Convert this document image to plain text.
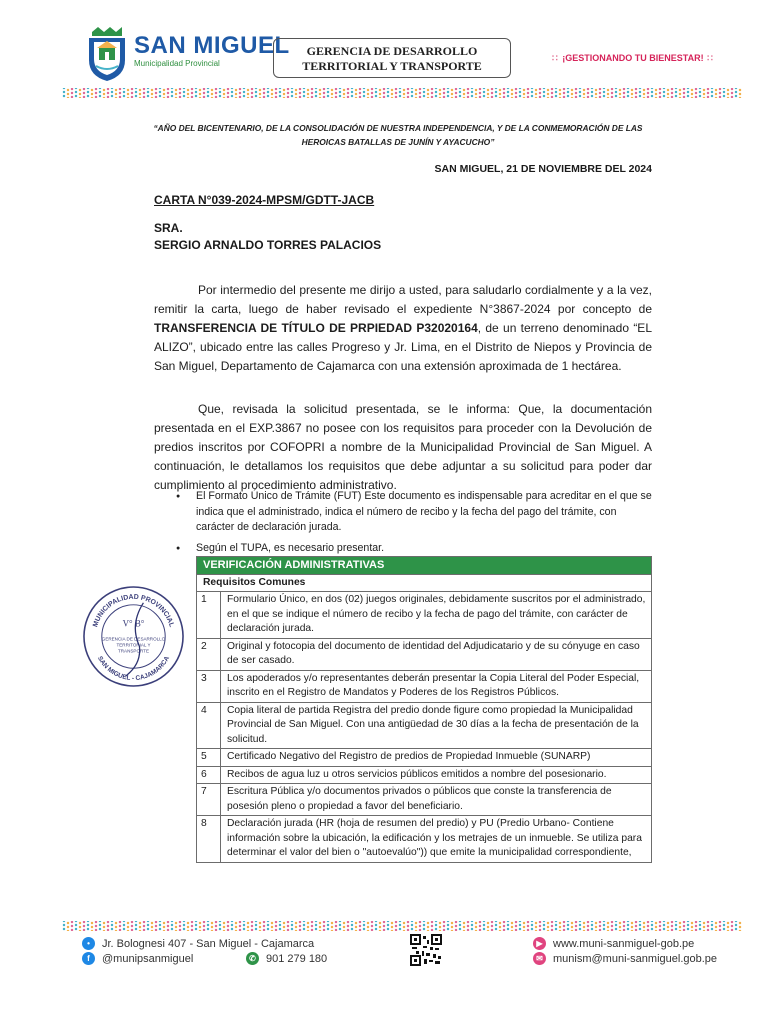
SAN MIGUEL
Municipalidad Provincial
GERENCIA DE DESARROLLO
TERRITORIAL Y TRANSPORTE
∷ ¡GESTIONANDO TU BIENESTAR! ∷
“AÑO DEL BICENTENARIO, DE LA CONSOLIDACIÓN DE NUESTRA INDEPENDENCIA, Y DE LA CONMEMORACIÓN DE LAS
HEROICAS BATALLAS DE JUNÍN Y AYACUCHO”
SAN MIGUEL, 21 DE NOVIEMBRE DEL 2024
CARTA N°039-2024-MPSM/GDTT-JACB
SRA.
SERGIO ARNALDO TORRES PALACIOS
Por intermedio del presente me dirijo a usted, para saludarlo cordialmente y a la vez, remitir la carta, luego de haber revisado el expediente N°3867-2024 por concepto de TRANSFERENCIA DE TÍTULO DE PRPIEDAD P32020164, de un terreno denominado “EL ALIZO”, ubicado entre las calles Progreso y Jr. Lima, en el Distrito de Niepos y Provincia de San Miguel, Departamento de Cajamarca con una extensión aproximada de 1 hectárea.
Que, revisada la solicitud presentada, se le informa: Que, la documentación presentada en el EXP.3867 no posee con los requisitos para proceder con la Devolución de predios inscritos por COFOPRI a nombre de la Municipalidad Provincial de San Miguel. A continuación, le detallamos los requisitos que debe adjuntar a su solicitud para poder dar cumplimiento al procedimiento administrativo.
● El Formato Único de Trámite (FUT) Este documento es indispensable para acreditar en el que se indica que el administrado, indica el número de recibo y la fecha del pago del trámite, con carácter de declaración jurada.
● Según el TUPA, es necesario presentar.
VERIFICACIÓN ADMINISTRATIVAS	
Requisitos Comunes	
1	Formulario Único, en dos (02) juegos originales, debidamente suscritos por el administrado, en el que se indique el número de recibo y la fecha de pago del trámite, con carácter de declaración jurada.
2	Original y fotocopia del documento de identidad del Adjudicatario y de su cónyuge en caso de ser casado.
3	Los apoderados y/o representantes deberán presentar la Copia Literal del Poder Especial, inscrito en el Registro de Mandatos y Poderes de los Registros Públicos.
4	Copia literal de partida Registra del predio donde figure como propiedad la Municipalidad Provincial de San Miguel. Con una antigüedad de 30 días a la fecha de presentación de la solicitud.
5	Certificado Negativo del Registro de predios de Propiedad Inmueble (SUNARP)
6	Recibos de agua luz u otros servicios públicos emitidos a nombre del posesionario.
7	Escritura Pública y/o documentos privados o públicos que conste la transferencia de posesión pleno o propiedad a favor del beneficiario.
8	Declaración jurada (HR (hoja de resumen del predio) y PU (Predio Urbano- Contiene información sobre la ubicación, la edificación y los metrajes de un inmueble. Se utiliza para determinar el valor del bien o "autoevalúo")) que emite la municipalidad correspondiente,
MUNICIPALIDAD PROVINCIAL
SAN MIGUEL - CAJAMARCA
V° B°
GERENCIA DE DESARROLLO
TERRITORIAL Y
TRANSPORTE
•	Jr. Bolognesi 407 - San Miguel - Cajamarca
f	@munipsanmiguel	✆ 901 279 180
▶ www.muni-sanmiguel-gob.pe
✉ munism@muni-sanmiguel.gob.pe
